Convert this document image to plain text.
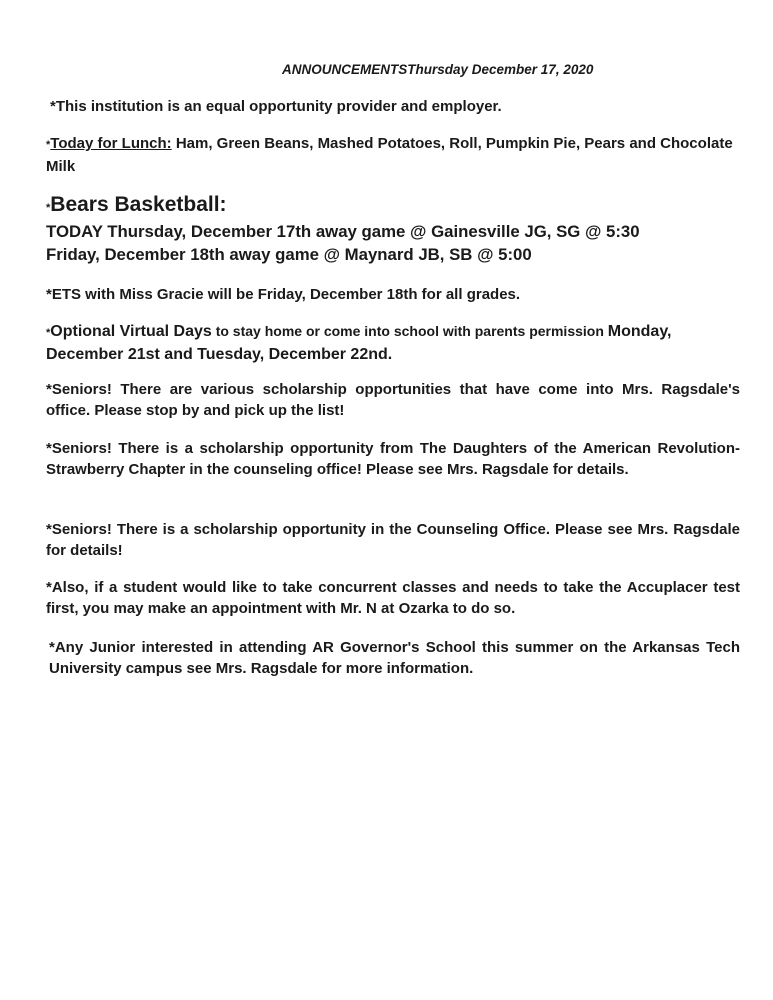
ANNOUNCEMENTSThursday December 17, 2020
*This institution is an equal opportunity provider and employer.
*Today for Lunch: Ham, Green Beans, Mashed Potatoes, Roll, Pumpkin Pie, Pears and Chocolate Milk
*Bears Basketball:
TODAY Thursday, December 17th away game @ Gainesville JG, SG @ 5:30
Friday, December 18th away game @ Maynard JB, SB @ 5:00
*ETS with Miss Gracie will be Friday, December 18th for all grades.
*Optional Virtual Days to stay home or come into school with parents permission Monday, December 21st and Tuesday, December 22nd.
*Seniors! There are various scholarship opportunities that have come into Mrs. Ragsdale's office. Please stop by and pick up the list!
*Seniors! There is a scholarship opportunity from The Daughters of the American Revolution-Strawberry Chapter in the counseling office! Please see Mrs. Ragsdale for details.
*Seniors! There is a scholarship opportunity in the Counseling Office. Please see Mrs. Ragsdale for details!
*Also, if a student would like to take concurrent classes and needs to take the Accuplacer test first, you may make an appointment with Mr. N at Ozarka to do so.
*Any Junior interested in attending AR Governor's School this summer on the Arkansas Tech University campus see Mrs. Ragsdale for more information.
